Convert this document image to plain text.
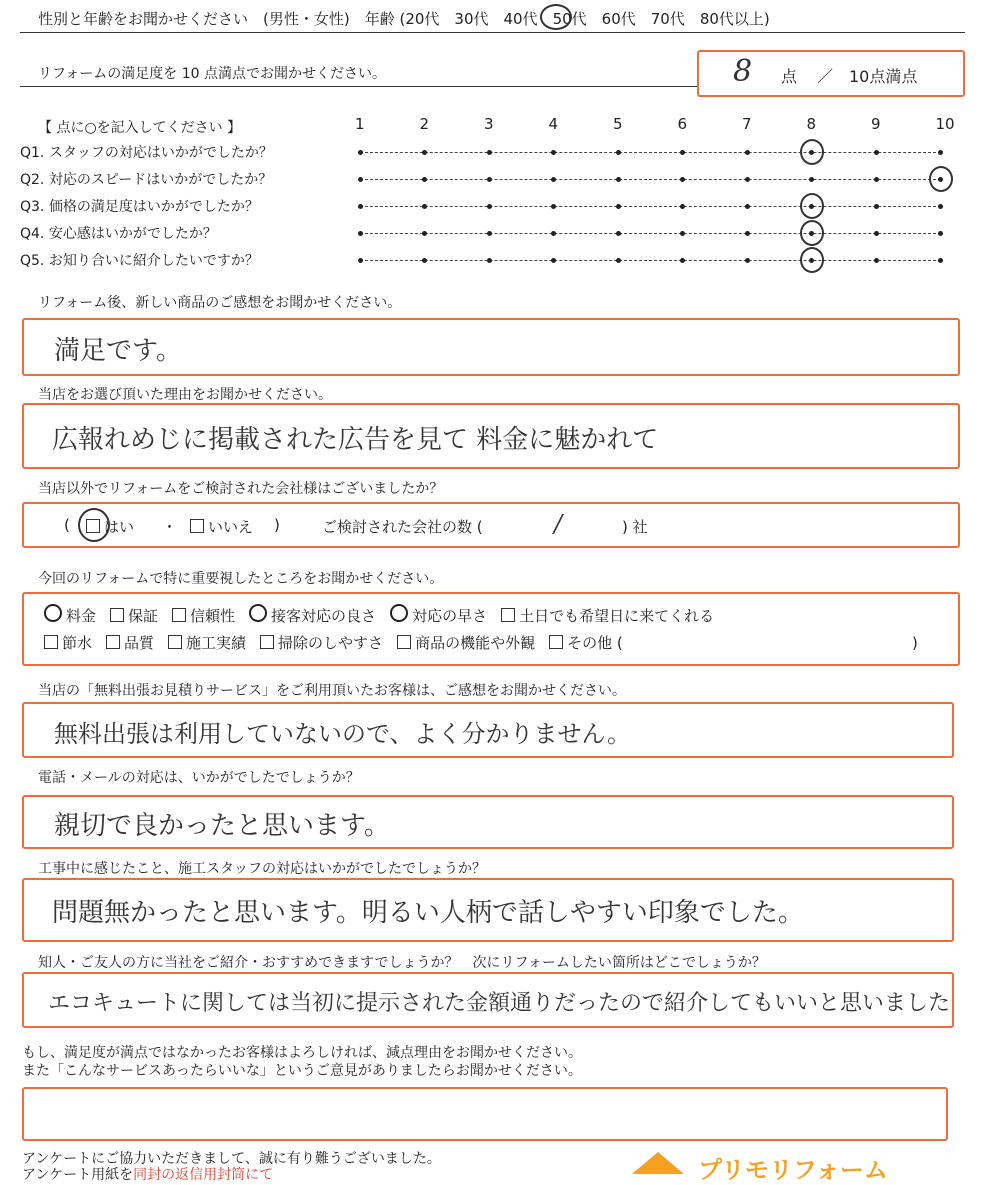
性別と年齢をお聞かせください　(男性・女性)　年齢 (20代　30代　40代　50代　60代　70代　80代以上)
リフォームの満足度を 10 点満点でお聞かせください。	8 点 ／ 10点満点
【 点に○を記入してください 】	1	2	3	4	5	6	7	8	9	10
Q1. スタッフの対応はいかがでしたか？
Q2. 対応のスピードはいかがでしたか？
Q3. 価格の満足度はいかがでしたか？
Q4. 安心感はいかがでしたか？
Q5. お知り合いに紹介したいですか？
リフォーム後、新しい商品のご感想をお聞かせください。
満足です。
当店をお選び頂いた理由をお聞かせください。
広報れめじに掲載された広告を見て 料金に魅かれて
当店以外でリフォームをご検討された会社様はございましたか？
(	はい ・	いいえ )	ご検討された会社の数 (	/	) 社
今回のリフォームで特に重要視したところをお聞かせください。
料金 保証 信頼性 接客対応の良さ 対応の早さ 土日でも希望日に来てくれる
節水 品質 施工実績 掃除のしやすさ 商品の機能や外観 その他 (	)
当店の「無料出張お見積りサービス」をご利用頂いたお客様は、ご感想をお聞かせください。
無料出張は利用していないので、よく分かりません。
電話・メールの対応は、いかがでしたでしょうか？
親切で良かったと思います。
工事中に感じたこと、施工スタッフの対応はいかがでしたでしょうか？
問題無かったと思います。明るい人柄で話しやすい印象でした。
知人・ご友人の方に当社をご紹介・おすすめできますでしょうか？　次にリフォームしたい箇所はどこでしょうか？
エコキュートに関しては当初に提示された金額通りだったので紹介してもいいと思いました
もし、満足度が満点ではなかったお客様はよろしければ、減点理由をお聞かせください。
また「こんなサービスあったらいいな」というご意見がありましたらお聞かせください。
アンケートにご協力いただきまして、誠に有り難うございました。
アンケート用紙を同封の返信用封筒にて	プリモリフォーム
